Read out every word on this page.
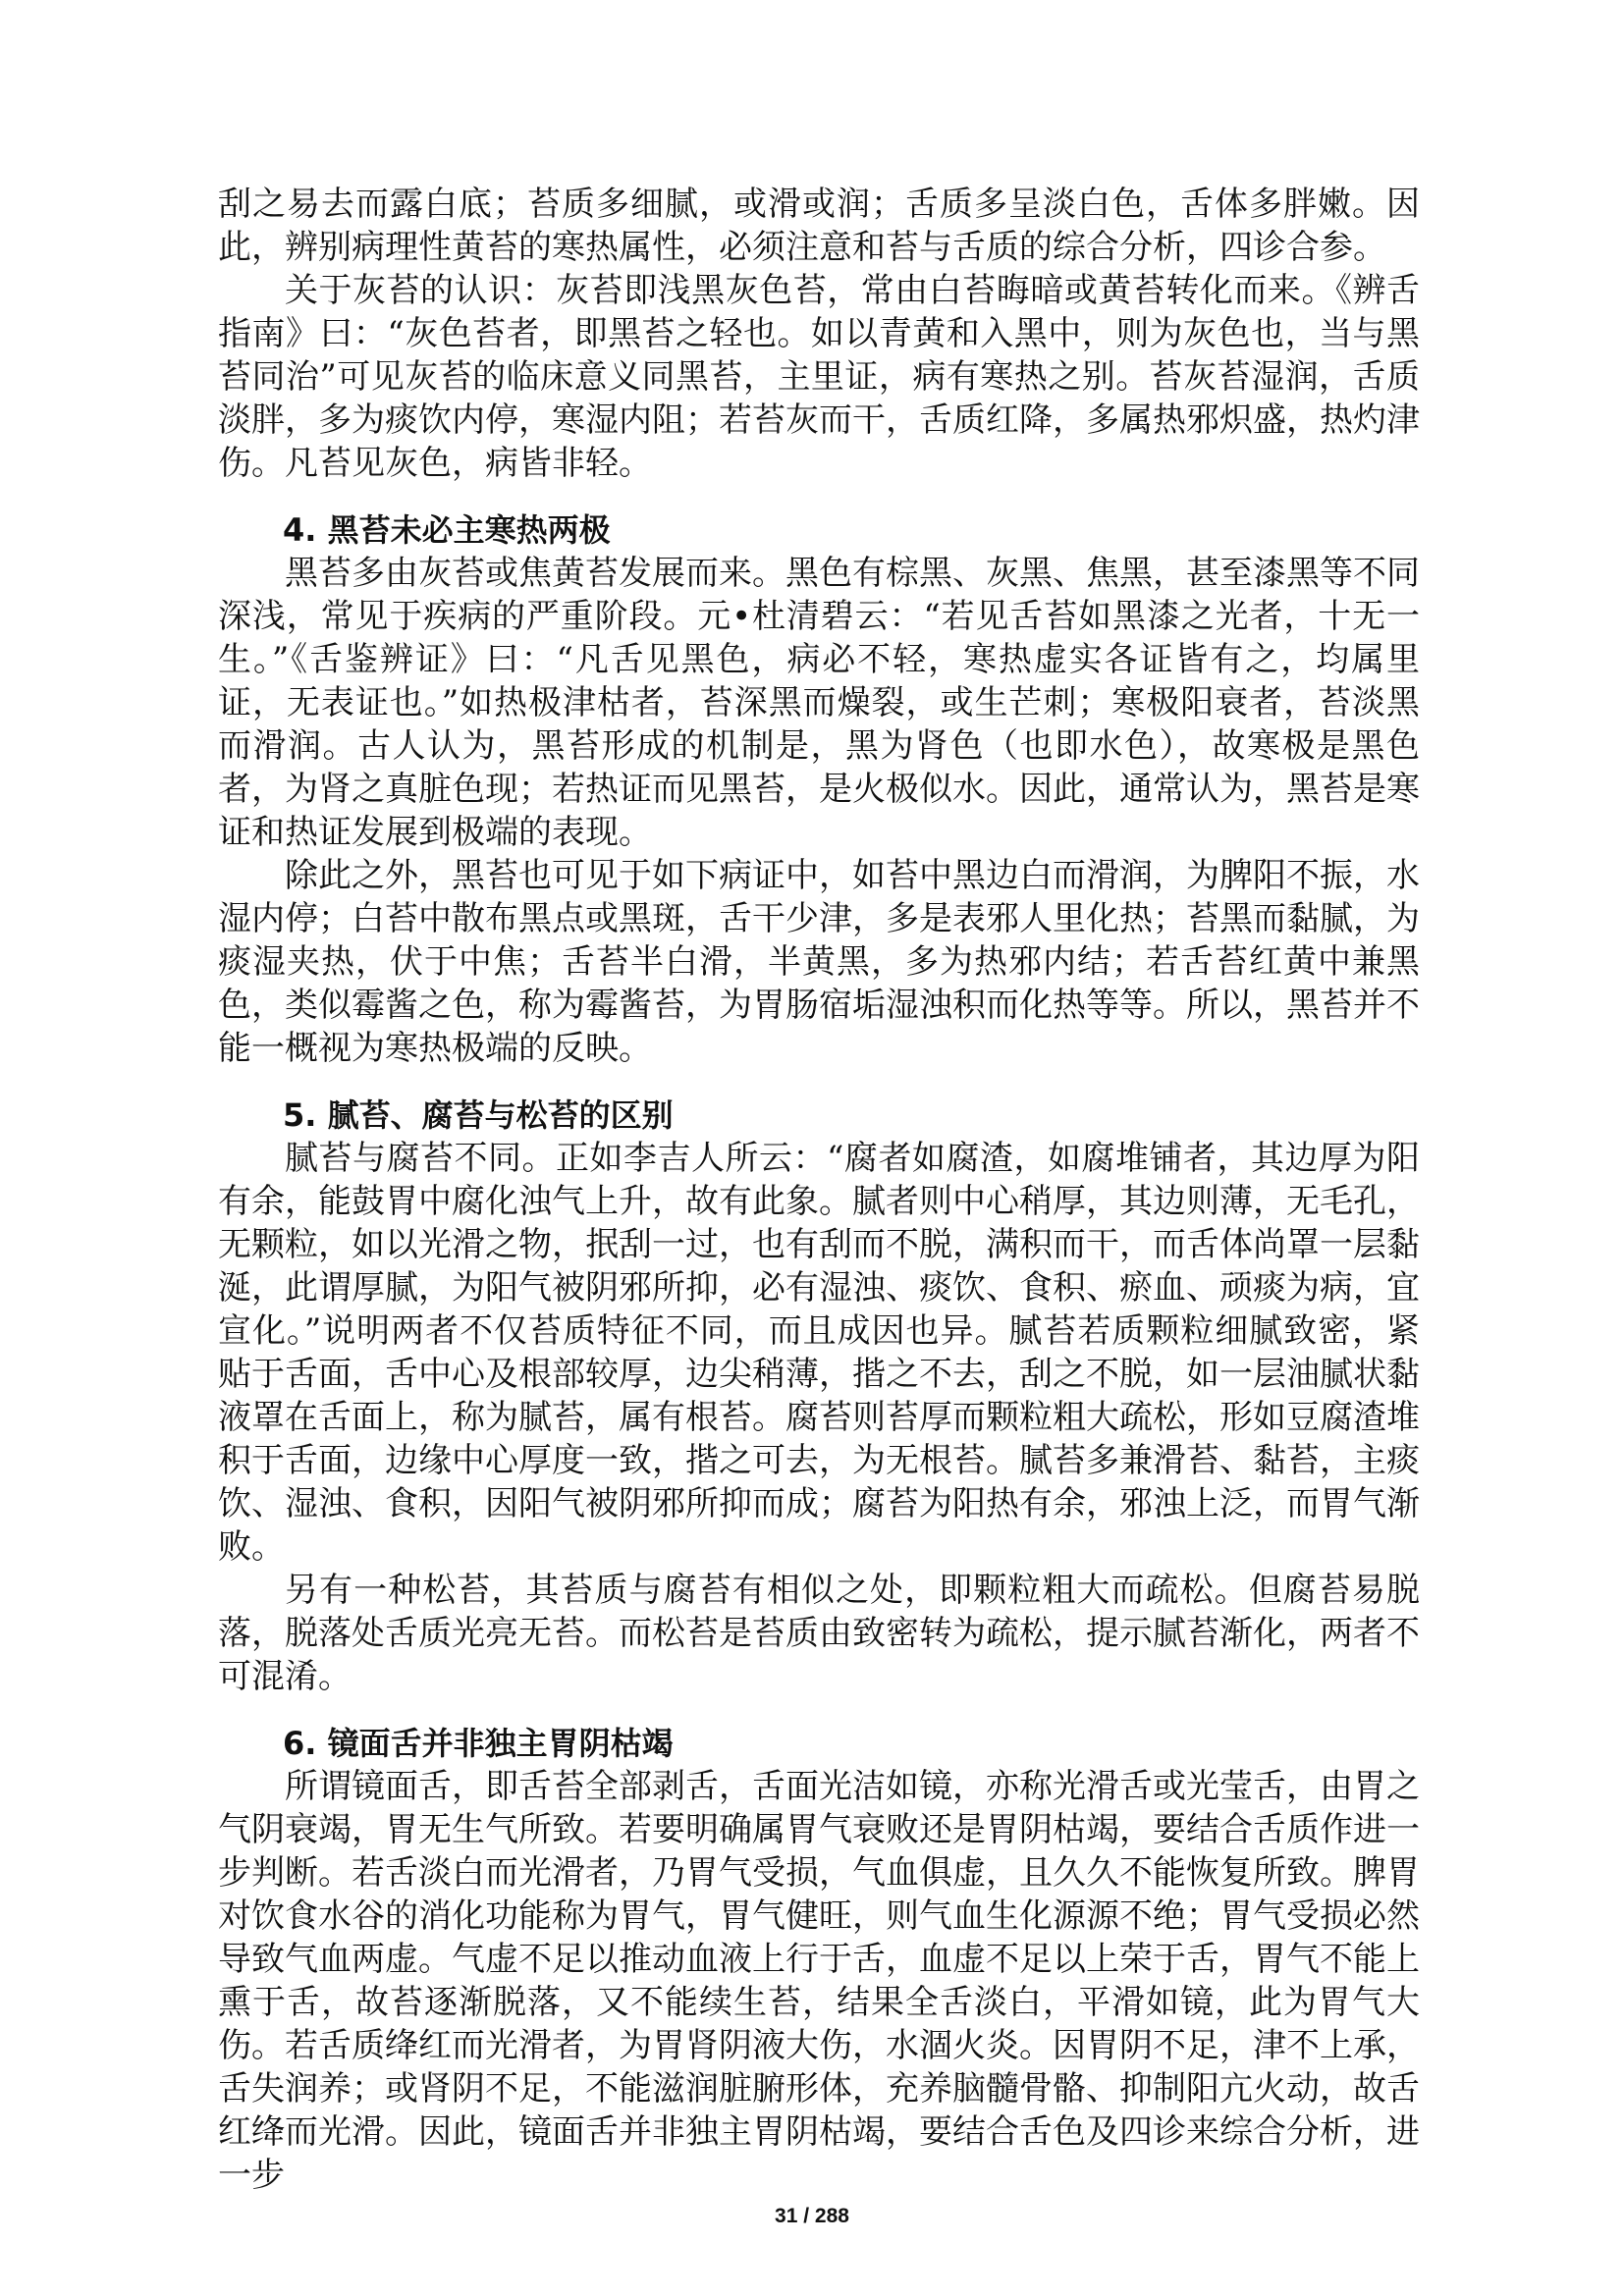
刮之易去而露白底；苔质多细腻，或滑或润；舌质多呈淡白色，舌体多胖嫩。因此，辨别病理性黄苔的寒热属性，必须注意和苔与舌质的综合分析，四诊合参。

关于灰苔的认识：灰苔即浅黑灰色苔，常由白苔晦暗或黄苔转化而来。《辨舌指南》曰：“灰色苔者，即黑苔之轻也。如以青黄和入黑中，则为灰色也，当与黑苔同治”可见灰苔的临床意义同黑苔，主里证，病有寒热之别。苔灰苔湿润，舌质淡胖，多为痰饮内停，寒湿内阻；若苔灰而干，舌质红降，多属热邪炽盛，热灼津伤。凡苔见灰色，病皆非轻。

4. 黑苔未必主寒热两极

黑苔多由灰苔或焦黄苔发展而来。黑色有棕黑、灰黑、焦黑，甚至漆黑等不同深浅，常见于疾病的严重阶段。元•杜清碧云：“若见舌苔如黑漆之光者，十无一生。”《舌鉴辨证》曰：“凡舌见黑色，病必不轻，寒热虚实各证皆有之，均属里证，无表证也。”如热极津枯者，苔深黑而燥裂，或生芒刺；寒极阳衰者，苔淡黑而滑润。古人认为，黑苔形成的机制是，黑为肾色（也即水色），故寒极是黑色者，为肾之真脏色现；若热证而见黑苔，是火极似水。因此，通常认为，黑苔是寒证和热证发展到极端的表现。

除此之外，黑苔也可见于如下病证中，如苔中黑边白而滑润，为脾阳不振，水湿内停；白苔中散布黑点或黑斑，舌干少津，多是表邪人里化热；苔黑而黏腻，为痰湿夹热，伏于中焦；舌苔半白滑，半黄黑，多为热邪内结；若舌苔红黄中兼黑色，类似霉酱之色，称为霉酱苔，为胃肠宿垢湿浊积而化热等等。所以，黑苔并不能一概视为寒热极端的反映。

5. 腻苔、腐苔与松苔的区别

腻苔与腐苔不同。正如李吉人所云：“腐者如腐渣，如腐堆铺者，其边厚为阳有余，能鼓胃中腐化浊气上升，故有此象。腻者则中心稍厚，其边则薄，无毛孔，无颗粒，如以光滑之物，抿刮一过，也有刮而不脱，满积而干，而舌体尚罩一层黏涎，此谓厚腻，为阳气被阴邪所抑，必有湿浊、痰饮、食积、瘀血、顽痰为病，宜宣化。”说明两者不仅苔质特征不同，而且成因也异。腻苔若质颗粒细腻致密，紧贴于舌面，舌中心及根部较厚，边尖稍薄，揩之不去，刮之不脱，如一层油腻状黏液罩在舌面上，称为腻苔，属有根苔。腐苔则苔厚而颗粒粗大疏松，形如豆腐渣堆积于舌面，边缘中心厚度一致，揩之可去，为无根苔。腻苔多兼滑苔、黏苔，主痰饮、湿浊、食积，因阳气被阴邪所抑而成；腐苔为阳热有余，邪浊上泛，而胃气渐败。

另有一种松苔，其苔质与腐苔有相似之处，即颗粒粗大而疏松。但腐苔易脱落，脱落处舌质光亮无苔。而松苔是苔质由致密转为疏松，提示腻苔渐化，两者不可混淆。

6. 镜面舌并非独主胃阴枯竭

所谓镜面舌，即舌苔全部剥舌，舌面光洁如镜，亦称光滑舌或光莹舌，由胃之气阴衰竭，胃无生气所致。若要明确属胃气衰败还是胃阴枯竭，要结合舌质作进一步判断。若舌淡白而光滑者，乃胃气受损，气血俱虚，且久久不能恢复所致。脾胃对饮食水谷的消化功能称为胃气，胃气健旺，则气血生化源源不绝；胃气受损必然导致气血两虚。气虚不足以推动血液上行于舌，血虚不足以上荣于舌，胃气不能上熏于舌，故苔逐渐脱落，又不能续生苔，结果全舌淡白，平滑如镜，此为胃气大伤。若舌质绛红而光滑者，为胃肾阴液大伤，水涸火炎。因胃阴不足，津不上承，舌失润养；或肾阴不足，不能滋润脏腑形体，充养脑髓骨骼、抑制阳亢火动，故舌红绛而光滑。因此，镜面舌并非独主胃阴枯竭，要结合舌色及四诊来综合分析，进一步

31 / 288
